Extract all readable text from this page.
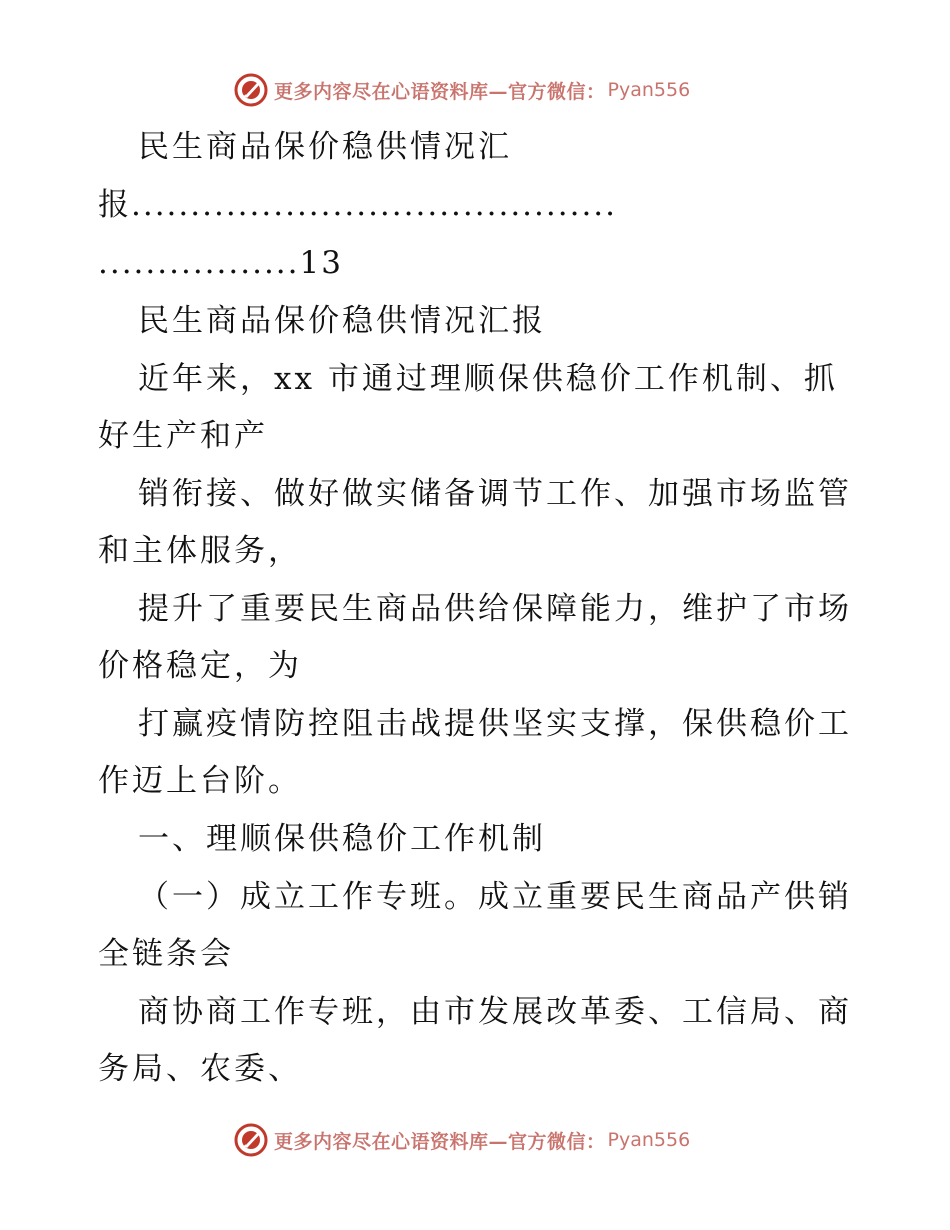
更多内容尽在心语资料库—官方微信： Pyan556
民生商品保价稳供情况汇
报.........................................
.................13
民生商品保价稳供情况汇报
近年来，xx 市通过理顺保供稳价工作机制、抓
好生产和产
销衔接、做好做实储备调节工作、加强市场监管
和主体服务，
提升了重要民生商品供给保障能力，维护了市场
价格稳定，为
打赢疫情防控阻击战提供坚实支撑，保供稳价工
作迈上台阶。
一、理顺保供稳价工作机制
（一）成立工作专班。成立重要民生商品产供销
全链条会
商协商工作专班，由市发展改革委、工信局、商
务局、农委、
更多内容尽在心语资料库—官方微信： Pyan556
